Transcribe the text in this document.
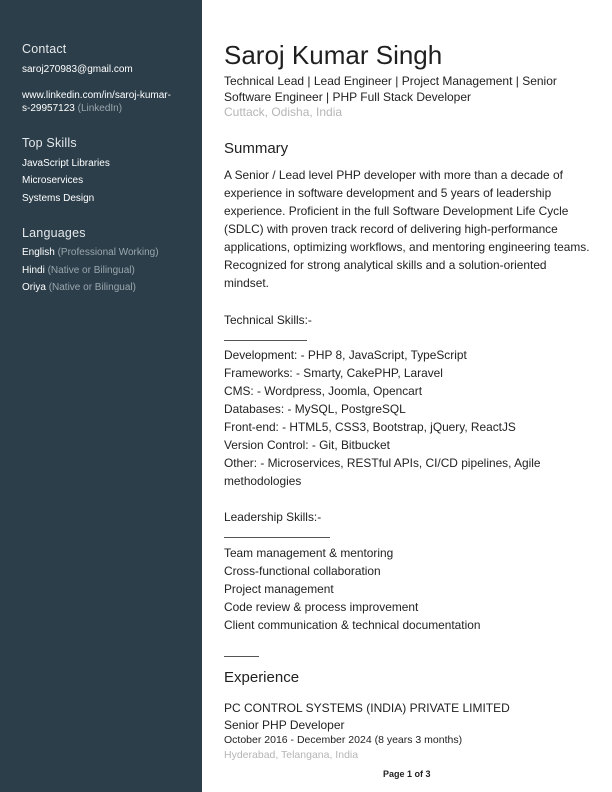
Contact
saroj270983@gmail.com
www.linkedin.com/in/saroj-kumar-
s-29957123 (LinkedIn)
Top Skills
JavaScript Libraries
Microservices
Systems Design
Languages
English (Professional Working)
Hindi (Native or Bilingual)
Oriya (Native or Bilingual)
Saroj Kumar Singh
Technical Lead | Lead Engineer | Project Management | Senior Software Engineer | PHP Full Stack Developer
Cuttack, Odisha, India
Summary
A Senior / Lead level PHP developer with more than a decade of experience in software development and 5 years of leadership experience. Proficient in the full Software Development Life Cycle (SDLC) with proven track record of delivering high-performance applications, optimizing workflows, and mentoring engineering teams. Recognized for strong analytical skills and a solution-oriented mindset.
Technical Skills:-
Development: - PHP 8, JavaScript, TypeScript
Frameworks: - Smarty, CakePHP, Laravel
CMS: - Wordpress, Joomla, Opencart
Databases: - MySQL, PostgreSQL
Front-end: - HTML5, CSS3, Bootstrap, jQuery, ReactJS
Version Control: - Git, Bitbucket
Other: - Microservices, RESTful APIs, CI/CD pipelines, Agile methodologies
Leadership Skills:-
Team management & mentoring
Cross-functional collaboration
Project management
Code review & process improvement
Client communication & technical documentation
Experience
PC CONTROL SYSTEMS (INDIA) PRIVATE LIMITED
Senior PHP Developer
October 2016 - December 2024 (8 years 3 months)
Hyderabad, Telangana, India
Page 1 of 3
